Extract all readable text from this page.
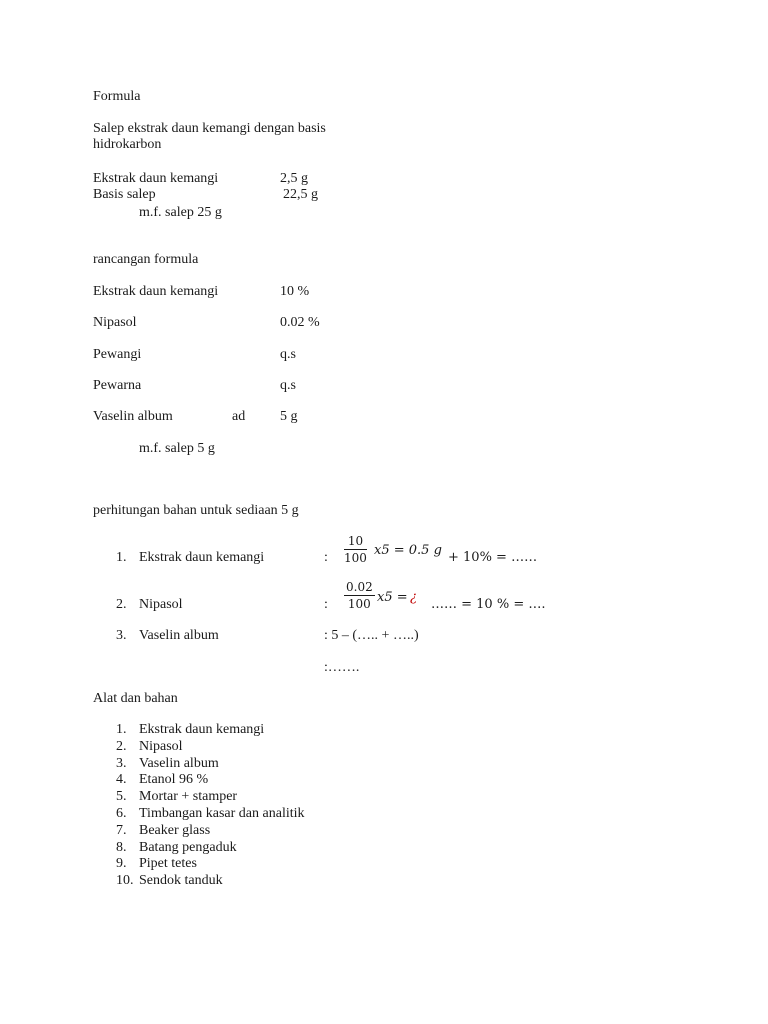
Formula
Salep ekstrak daun kemangi dengan basis
hidrokarbon
Ekstrak daun kemangi	2,5 g
Basis salep	22,5 g
m.f. salep 25 g
rancangan formula
Ekstrak daun kemangi	10 %
Nipasol	0.02 %
Pewangi	q.s
Pewarna	q.s
Vaselin album	ad 5 g
m.f. salep 5 g
perhitungan bahan untuk sediaan 5 g
1. Ekstrak daun kemangi	: $\frac{10}{100} x5 = 0.5$ g + 10% = ……
2. Nipasol	: $\frac{0.02}{100} x5$ = ¿ …… = 10 % = ….
3. Vaselin album	: 5 – (….. + …..)
:…….
Alat dan bahan
1. Ekstrak daun kemangi
2. Nipasol
3. Vaselin album
4. Etanol 96 %
5. Mortar + stamper
6. Timbangan kasar dan analitik
7. Beaker glass
8. Batang pengaduk
9. Pipet tetes
10. Sendok tanduk
